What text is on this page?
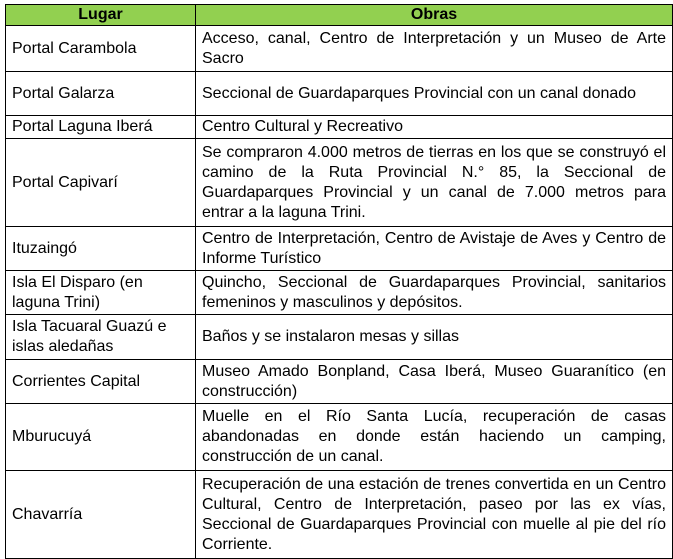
Lugar	Obras
Portal Carambola	Acceso, canal, Centro de Interpretación y un Museo de Arte Sacro
Portal Galarza	Seccional de Guardaparques Provincial con un canal donado
Portal Laguna Iberá	Centro Cultural y Recreativo
Portal Capivarí	Se compraron 4.000 metros de tierras en los que se construyó el camino de la Ruta Provincial N.° 85, la Seccional de Guardaparques Provincial y un canal de 7.000 metros para entrar a la laguna Trini.
Ituzaingó	Centro de Interpretación, Centro de Avistaje de Aves y Centro de Informe Turístico
Isla El Disparo (en laguna Trini)	Quincho, Seccional de Guardaparques Provincial, sanitarios femeninos y masculinos y depósitos.
Isla Tacuaral Guazú e islas aledañas	Baños y se instalaron mesas y sillas
Corrientes Capital	Museo Amado Bonpland, Casa Iberá, Museo Guaranítico (en construcción)
Mburucuyá	Muelle en el Río Santa Lucía, recuperación de casas abandonadas en donde están haciendo un camping, construcción de un canal.
Chavarría	Recuperación de una estación de trenes convertida en un Centro Cultural, Centro de Interpretación, paseo por las ex vías, Seccional de Guardaparques Provincial con muelle al pie del río Corriente.
